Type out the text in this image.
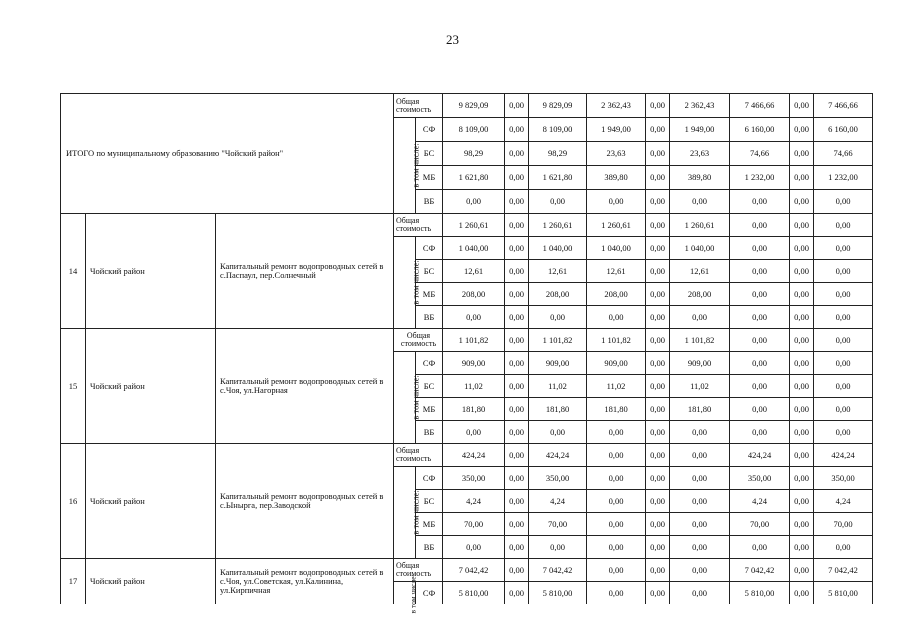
23
ИТОГО по муниципальному образованию "Чойский район"			Общая стоимость		9 829,09	0,00	9 829,09	2 362,43	0,00	2 362,43	7 466,66	0,00	7 466,66
			в том числе:	СФ	8 109,00	0,00	8 109,00	1 949,00	0,00	1 949,00	6 160,00	0,00	6 160,00
				БС	98,29	0,00	98,29	23,63	0,00	23,63	74,66	0,00	74,66
				МБ	1 621,80	0,00	1 621,80	389,80	0,00	389,80	1 232,00	0,00	1 232,00
				ВБ	0,00	0,00	0,00	0,00	0,00	0,00	0,00	0,00	0,00
14	Чойский район	Капитальный ремонт водопроводных сетей в с.Паспаул, пер.Солнечный	Общая стоимость		1 260,61	0,00	1 260,61	1 260,61	0,00	1 260,61	0,00	0,00	0,00
			в том числе:	СФ	1 040,00	0,00	1 040,00	1 040,00	0,00	1 040,00	0,00	0,00	0,00
				БС	12,61	0,00	12,61	12,61	0,00	12,61	0,00	0,00	0,00
				МБ	208,00	0,00	208,00	208,00	0,00	208,00	0,00	0,00	0,00
				ВБ	0,00	0,00	0,00	0,00	0,00	0,00	0,00	0,00	0,00
15	Чойский район	Капитальный ремонт водопроводных сетей в с.Чоя, ул.Нагорная	Общая стоимость		1 101,82	0,00	1 101,82	1 101,82	0,00	1 101,82	0,00	0,00	0,00
			в том числе:	СФ	909,00	0,00	909,00	909,00	0,00	909,00	0,00	0,00	0,00
				БС	11,02	0,00	11,02	11,02	0,00	11,02	0,00	0,00	0,00
				МБ	181,80	0,00	181,80	181,80	0,00	181,80	0,00	0,00	0,00
				ВБ	0,00	0,00	0,00	0,00	0,00	0,00	0,00	0,00	0,00
16	Чойский район	Капитальный ремонт водопроводных сетей в с.Ынырга, пер.Заводской	Общая стоимость		424,24	0,00	424,24	0,00	0,00	0,00	424,24	0,00	424,24
			в том числе:	СФ	350,00	0,00	350,00	0,00	0,00	0,00	350,00	0,00	350,00
				БС	4,24	0,00	4,24	0,00	0,00	0,00	4,24	0,00	4,24
				МБ	70,00	0,00	70,00	0,00	0,00	0,00	70,00	0,00	70,00
				ВБ	0,00	0,00	0,00	0,00	0,00	0,00	0,00	0,00	0,00
17	Чойский район	Капитальный ремонт водопроводных сетей в с.Чоя, ул.Советская, ул.Калинина, ул.Кирпичная	Общая стоимость		7 042,42	0,00	7 042,42	0,00	0,00	0,00	7 042,42	0,00	7 042,42
			в том числе:	СФ	5 810,00	0,00	5 810,00	0,00	0,00	0,00	5 810,00	0,00	5 810,00
